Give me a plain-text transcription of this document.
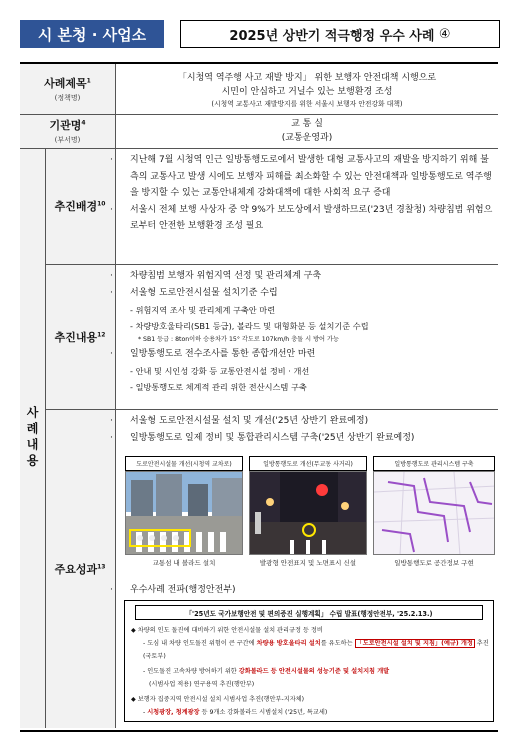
시 본청 · 사업소	2025년 상반기 적극행정 우수 사례
④
사례제목$^1$
(정책명)
「시청역 역주행 사고 재발 방지」 위한 보행자 안전대책 시행으로
시민이 안심하고 거닐수 있는 보행환경 조성
(시청역 교통사고 재발방지를 위한 서울시 보행자 안전강화 대책)
기관명$^4$
(부서명)
교 통 실
(교통운영과)
사례내용
추진배경$^{10}$
· 지난해 7월 시청역 인근 일방통행도로에서 발생한 대형 교통사고의 재발을 방지하기 위해 불측의 교통사고 발생 시에도 보행자 피해를 최소화할 수 있는 안전대책과 일방통행도로 역주행을 방지할 수 있는 교통안내체계 강화대책에 대한 사회적 요구 증대
· 서울시 전체 보행 사상자 중 약 9%가 보도상에서 발생하므로('23년 경찰청) 차량침범 위험으로부터 안전한 보행환경 조성 필요
추진내용$^{12}$
· 차량침범 보행자 위험지역 선정 및 관리체계 구축
· 서울형 도로안전시설물 설치기준 수립
- 위험지역 조사 및 관리체계 구축안 마련
- 차량방호울타리(SB1 등급), 볼라드 및 대형화분 등 설치기준 수립
* SB1 등급 : 8ton이하 승용차가 15° 각도로 107km/h 충돌 시 방어 가능
· 일방통행도로 전수조사를 통한 종합개선안 마련
- 안내 및 시인성 강화 등 교통안전시설 정비 · 개선
- 일방통행도로 체계적 관리 위한 전산시스템 구축
주요성과$^{13}$
· 서울형 도로안전시설물 설치 및 개선('25년 상반기 완료예정)
· 일방통행도로 일제 정비 및 통합관리시스템 구축('25년 상반기 완료예정)
도로안전시설물 개선(시청역 교차로)
교통섬 내 볼라드 설치
일방통행도로 개선(무교동 사거리)
발광형 안전표지 및 노면표시 신설
일방통행도로 관리시스템 구축
일방통행도로 공간정보 구현
· 우수사례 전파(행정안전부)
「'25년도 국가보행안전 및 편의증진 실행계획」 수립 발표(행정안전부, '25.2.13.)
◆ 차량의 인도 돌진에 대비하기 위한 안전시설물 설치 관리규정 등 정비
- 도심 내 차량 인도돌진 위험이 큰 구간에 차량용 방호울타리 설치를 유도하는 「도로안전시설 설치 및 지침」(예규) 개정 추진(국토부)
- 인도돌진 고속차량 방어하기 위한 강화볼라드 등 안전시설물의 성능기준 및 설치지침 개발
(시범사업 적용) 연구용역 추진(행안부)
◆ 보행자 집중지역 안전시설 설치 시범사업 추진(행안부-지자체)
- 시청광장, 청계광장 등 9개소 강화볼라드 시범설치 ('25년, 특교세)
